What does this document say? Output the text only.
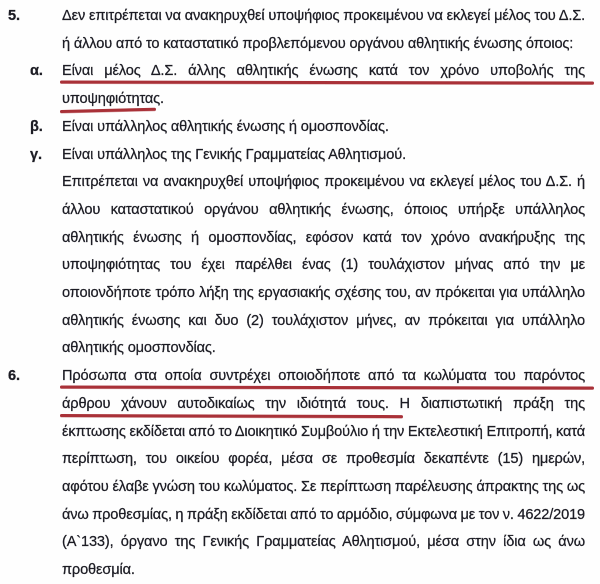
5.	Δεν επιτρέπεται να ανακηρυχθεί υποψήφιος προκειμένου να εκλεγεί μέλος του Δ.Σ.
ή άλλου από το καταστατικό προβλεπόμενου οργάνου αθλητικής ένωσης όποιος:
α. Είναι μέλος Δ.Σ. άλλης αθλητικής ένωσης κατά τον χρόνο υποβολής της
υποψηφιότητας.
β. Είναι υπάλληλος αθλητικής ένωσης ή ομοσπονδίας.
γ. Είναι υπάλληλος της Γενικής Γραμματείας Αθλητισμού.
Επιτρέπεται να ανακηρυχθεί υποψήφιος προκειμένου να εκλεγεί μέλος του Δ.Σ. ή
άλλου καταστατικού οργάνου αθλητικής ένωσης, όποιος υπήρξε υπάλληλος
αθλητικής ένωσης ή ομοσπονδίας, εφόσον κατά τον χρόνο ανακήρυξης της
υποψηφιότητας του έχει παρέλθει ένας (1) τουλάχιστον μήνας από την με
οποιονδήποτε τρόπο λήξη της εργασιακής σχέσης του, αν πρόκειται για υπάλληλο
αθλητικής ένωσης και δυο (2) τουλάχιστον μήνες, αν πρόκειται για υπάλληλο
αθλητικής ομοσπονδίας.
6.	Πρόσωπα στα οποία συντρέχει οποιοδήποτε από τα κωλύματα του παρόντος
άρθρου χάνουν αυτοδικαίως την ιδιότητά τους. Η διαπιστωτική πράξη της
έκπτωσης εκδίδεται από το Διοικητικό Συμβούλιο ή την Εκτελεστική Επιτροπή, κατά
περίπτωση, του οικείου φορέα, μέσα σε προθεσμία δεκαπέντε (15) ημερών,
αφότου έλαβε γνώση του κωλύματος. Σε περίπτωση παρέλευσης άπρακτης της ως
άνω προθεσμίας, η πράξη εκδίδεται από το αρμόδιο, σύμφωνα με τον ν. 4622/2019
(Α`133), όργανο της Γενικής Γραμματείας Αθλητισμού, μέσα στην ίδια ως άνω
προθεσμία.
